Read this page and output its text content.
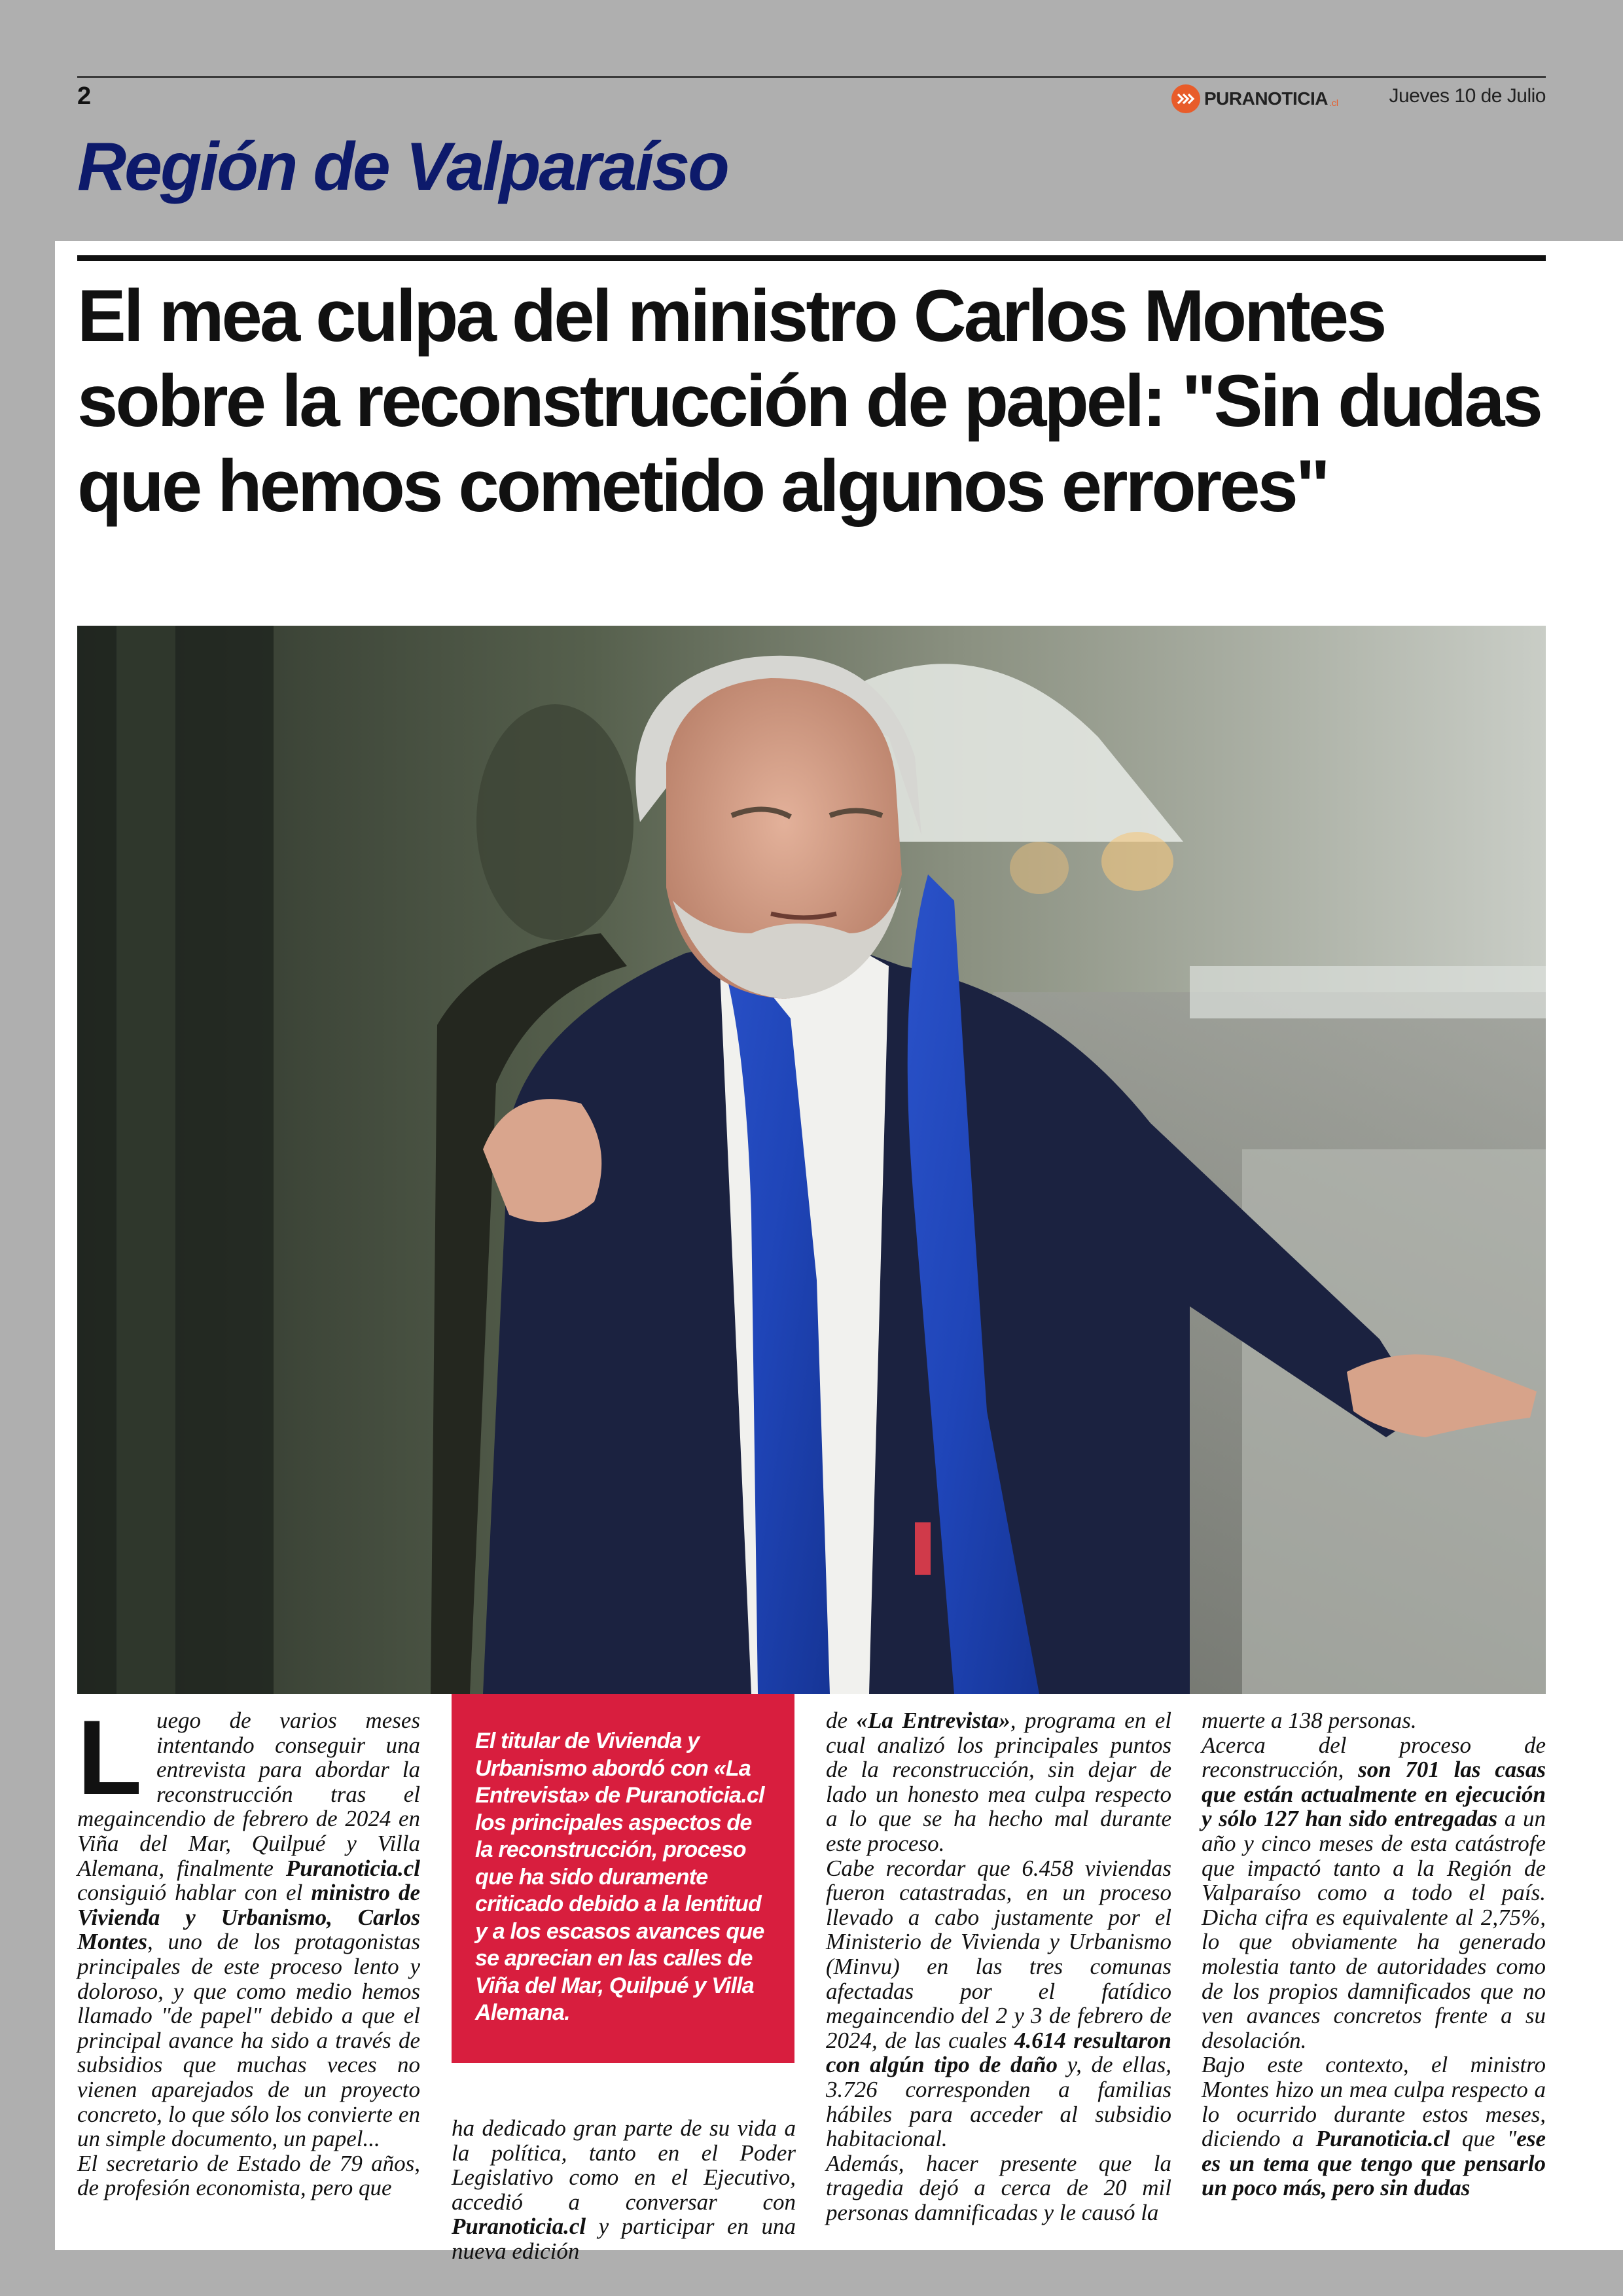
2	PURANOTICIA .cl	Jueves 10 de Julio
Región de Valparaíso
El mea culpa del ministro Carlos Montes sobre la reconstrucción de papel: "Sin dudas que hemos cometido algunos errores"

El titular de Vivienda y Urbanismo abordó con «La Entrevista» de Puranoticia.cl los principales aspectos de la reconstrucción, proceso que ha sido duramente criticado debido a la lentitud y a los escasos avances que se aprecian en las calles de Viña del Mar, Quilpué y Villa Alemana.

Luego de varios meses intentando conseguir una entrevista para abordar la reconstrucción tras el megaincendio de febrero de 2024 en Viña del Mar, Quilpué y Villa Alemana, finalmente Puranoticia.cl consiguió hablar con el ministro de Vivienda y Urbanismo, Carlos Montes, uno de los protagonistas principales de este proceso lento y doloroso, y que como medio hemos llamado "de papel" debido a que el principal avance ha sido a través de subsidios que muchas veces no vienen aparejados de un proyecto concreto, lo que sólo los convierte en un simple documento, un papel...
El secretario de Estado de 79 años, de profesión economista, pero que

ha dedicado gran parte de su vida a la política, tanto en el Poder Legislativo como en el Ejecutivo, accedió a conversar con Puranoticia.cl y participar en una nueva edición

de «La Entrevista», programa en el cual analizó los principales puntos de la reconstrucción, sin dejar de lado un honesto mea culpa respecto a lo que se ha hecho mal durante este proceso.
Cabe recordar que 6.458 viviendas fueron catastradas, en un proceso llevado a cabo justamente por el Ministerio de Vivienda y Urbanismo (Minvu) en las tres comunas afectadas por el fatídico megaincendio del 2 y 3 de febrero de 2024, de las cuales 4.614 resultaron con algún tipo de daño y, de ellas, 3.726 corresponden a familias hábiles para acceder al subsidio habitacional.
Además, hacer presente que la tragedia dejó a cerca de 20 mil personas damnificadas y le causó la

muerte a 138 personas.
Acerca del proceso de reconstrucción, son 701 las casas que están actualmente en ejecución y sólo 127 han sido entregadas a un año y cinco meses de esta catástrofe que impactó tanto a la Región de Valparaíso como a todo el país. Dicha cifra es equivalente al 2,75%, lo que obviamente ha generado molestia tanto de autoridades como de los propios damnificados que no ven avances concretos frente a su desolación.
Bajo este contexto, el ministro Montes hizo un mea culpa respecto a lo ocurrido durante estos meses, diciendo a Puranoticia.cl que "ese es un tema que tengo que pensarlo un poco más, pero sin dudas
